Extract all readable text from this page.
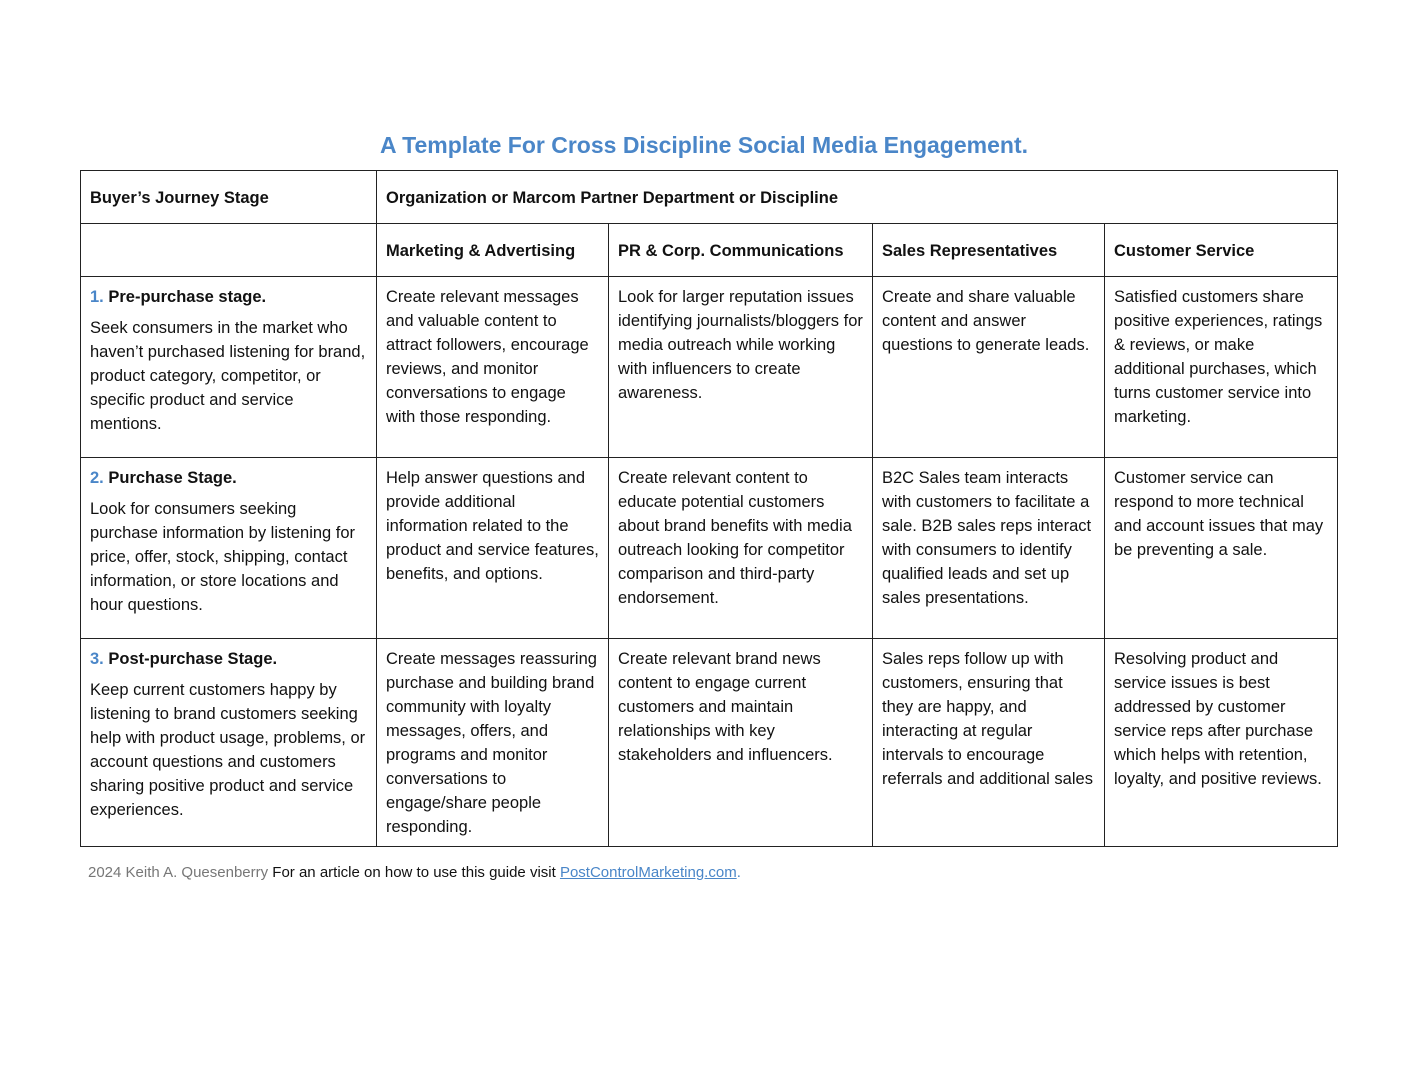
A Template For Cross Discipline Social Media Engagement.
Buyer’s Journey Stage	Organization or Marcom Partner Department or Discipline			
	Marketing & Advertising	PR & Corp. Communications	Sales Representatives	Customer Service

1. Pre-purchase stage.
Seek consumers in the market who haven’t purchased listening for brand, product category, competitor, or specific product and service mentions.	Create relevant messages and valuable content to attract followers, encourage reviews, and monitor conversations to engage with those responding.	Look for larger reputation issues identifying journalists/bloggers for media outreach while working with influencers to create awareness.	Create and share valuable content and answer questions to generate leads.	Satisfied customers share positive experiences, ratings & reviews, or make additional purchases, which turns customer service into marketing.

2. Purchase Stage.
Look for consumers seeking purchase information by listening for price, offer, stock, shipping, contact information, or store locations and hour questions.	Help answer questions and provide additional information related to the product and service features, benefits, and options.	Create relevant content to educate potential customers about brand benefits with media outreach looking for competitor comparison and third-party endorsement.	B2C Sales team interacts with customers to facilitate a sale. B2B sales reps interact with consumers to identify qualified leads and set up sales presentations.	Customer service can respond to more technical and account issues that may be preventing a sale.

3. Post-purchase Stage.
Keep current customers happy by listening to brand customers seeking help with product usage, problems, or account questions and customers sharing positive product and service experiences.	Create messages reassuring purchase and building brand community with loyalty messages, offers, and programs and monitor conversations to engage/share people responding.	Create relevant brand news content to engage current customers and maintain relationships with key stakeholders and influencers.	Sales reps follow up with customers, ensuring that they are happy, and interacting at regular intervals to encourage referrals and additional sales	Resolving product and service issues is best addressed by customer service reps after purchase which helps with retention, loyalty, and positive reviews.
2024 Keith A. Quesenberry For an article on how to use this guide visit PostControlMarketing.com.
